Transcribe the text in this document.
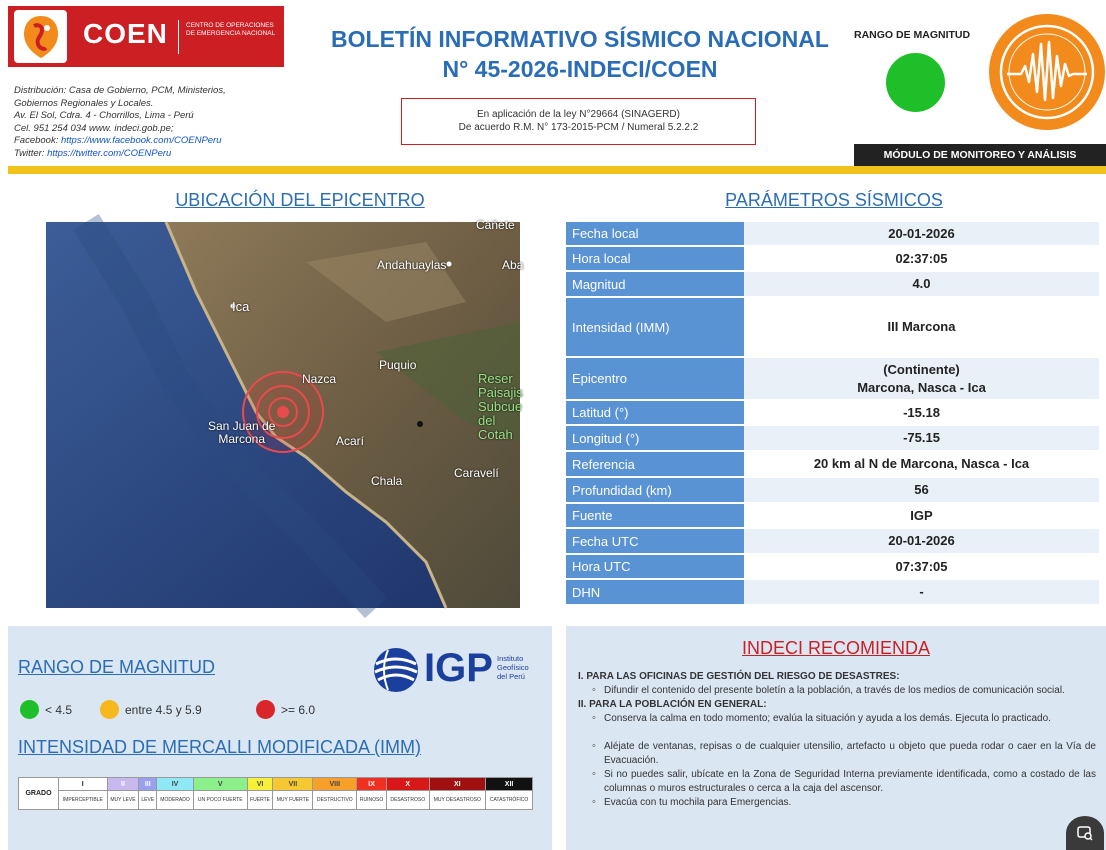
COEN	CENTRO DE OPERACIONES DE EMERGENCIA NACIONAL
Distribución: Casa de Gobierno, PCM, Ministerios,
Gobiernos Regionales y Locales.
Av. El Sol, Cdra. 4 - Chorrillos, Lima - Perú
Cel. 951 254 034 www. indeci.gob.pe;
Facebook: https://www.facebook.com/COENPeru
Twitter: https://twitter.com/COENPeru
BOLETÍN INFORMATIVO SÍSMICO NACIONAL
N° 45-2026-INDECI/COEN
En aplicación de la ley N°29664 (SINAGERD)
De acuerdo R.M. N° 173-2015-PCM / Numeral 5.2.2.2
RANGO DE MAGNITUD
MÓDULO DE MONITOREO Y ANÁLISIS
UBICACIÓN DEL EPICENTRO	PARÁMETROS SÍSMICOS
Cañete
Andahuaylas	Aba
Ica
Puquio
Nazca	Reser
Paisajis
Subcue
del Cotah
San Juan de
Marcona	Acarí
Chala
Caravelí
Fecha local	20-01-2026
Hora local	02:37:05
Magnitud	4.0
Intensidad (IMM)	III Marcona
Epicentro
(Continente)
Marcona, Nasca - Ica
Latitud (°)	-15.18
Longitud (°)	-75.15
Referencia	20 km al N de Marcona, Nasca - Ica
Profundidad (km)	56
Fuente	IGP
Fecha UTC	20-01-2026
Hora UTC	07:37:05
DHN	-
RANGO DE MAGNITUD	IGP Instituto
Geofísico
del Perú
< 4.5	entre 4.5 y 5.9	>= 6.0
INTENSIDAD DE MERCALLI MODIFICADA (IMM)
GRADO	I	II	III	IV	V	VI	VII	VIII	IX	X	XI	XII
	IMPERCEPTIBLE	MUY LEVE	LEVE	MODERADO	UN POCO FUERTE	FUERTE	MUY FUERTE	DESTRUCTIVO	RUINOSO	DESASTROSO	MUY DESASTROSO	CATASTRÓFICO
INDECI RECOMIENDA
I. PARA LAS OFICINAS DE GESTIÓN DEL RIESGO DE DESASTRES:
◦ Difundir el contenido del presente boletín a la población, a través de los medios de comunicación social.
II. PARA LA POBLACIÓN EN GENERAL:
◦ Conserva la calma en todo momento; evalúa la situación y ayuda a los demás. Ejecuta lo practicado.
◦ Aléjate de ventanas, repisas o de cualquier utensilio, artefacto u objeto que pueda rodar o caer en la Vía de Evacuación.
◦ Si no puedes salir, ubícate en la Zona de Seguridad Interna previamente identificada, como a costado de las columnas o muros estructurales o cerca a la caja del ascensor.
◦ Evacúa con tu mochila para Emergencias.
